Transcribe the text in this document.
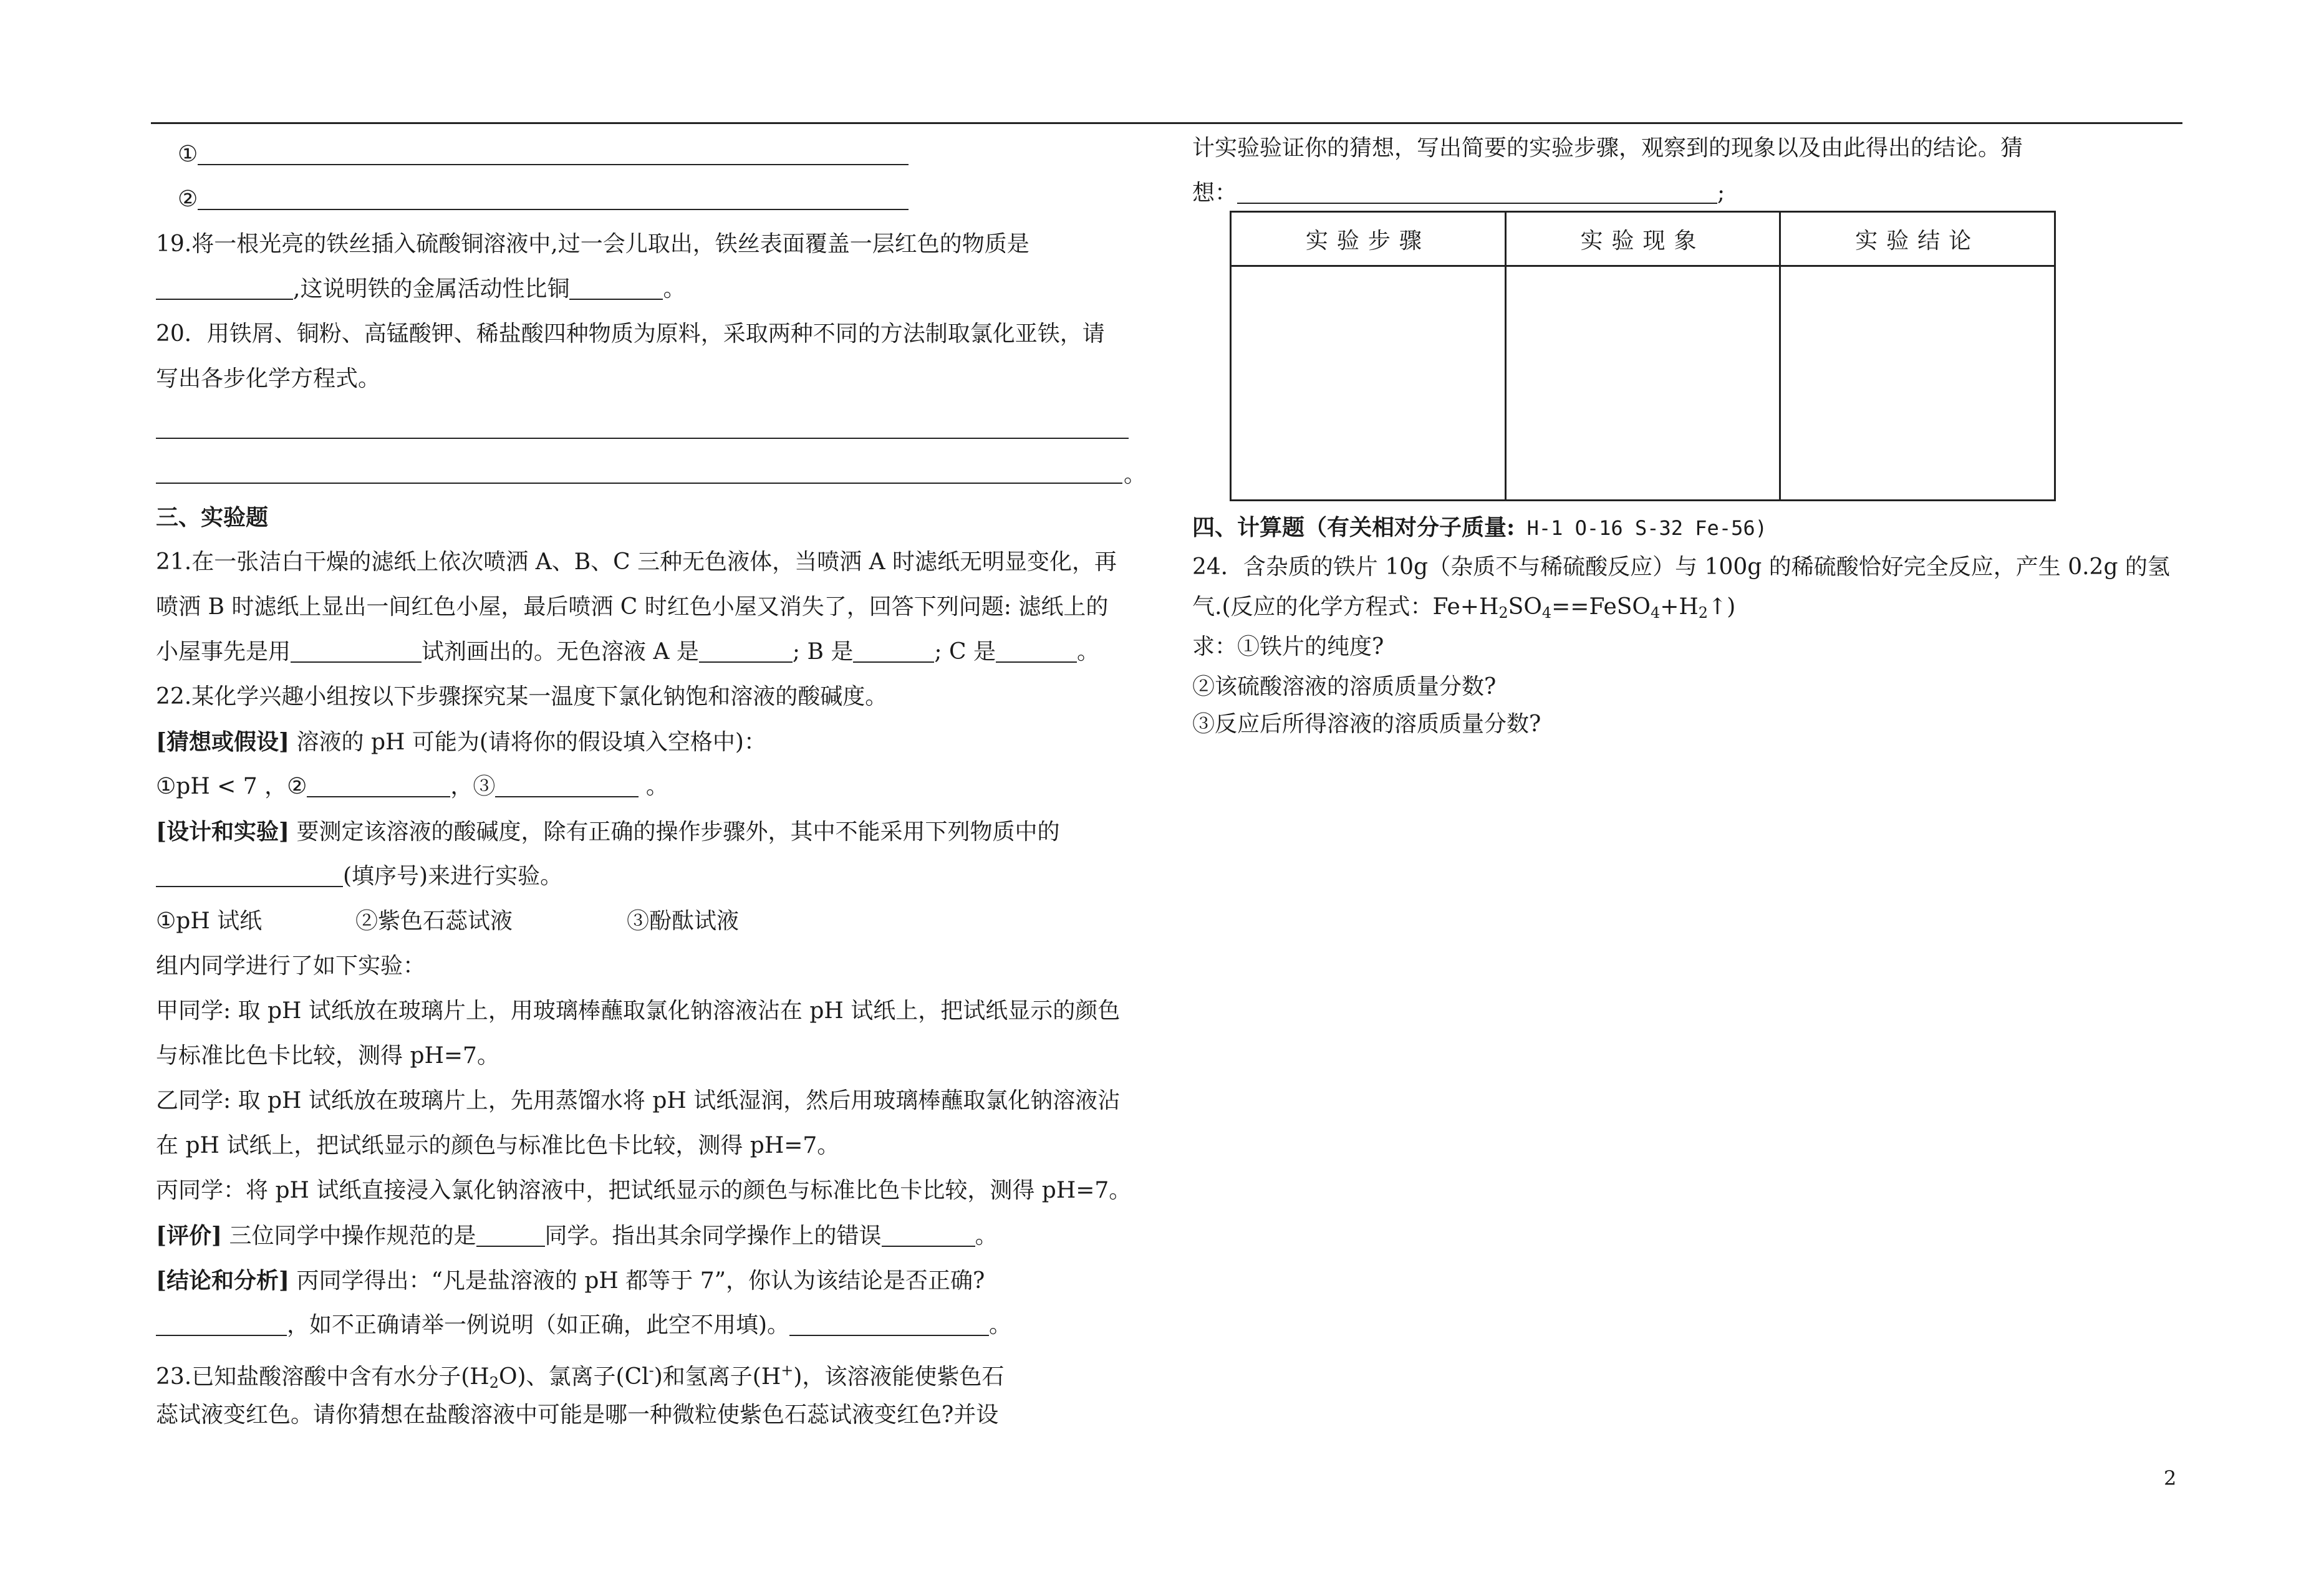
①
②
19.将一根光亮的铁丝插入硫酸铜溶液中,过一会儿取出，铁丝表面覆盖一层红色的物质是
,这说明铁的金属活动性比铜	。
20．用铁屑、铜粉、高锰酸钾、稀盐酸四种物质为原料，采取两种不同的方法制取氯化亚铁，请
写出各步化学方程式。
。
三、实验题
21.在一张洁白干燥的滤纸上依次喷洒 A、B、C 三种无色液体，当喷洒 A 时滤纸无明显变化，再
喷洒 B 时滤纸上显出一间红色小屋，最后喷洒 C 时红色小屋又消失了，回答下列问题: 滤纸上的
小屋事先是用	试剂画出的。无色溶液 A 是	; B 是	; C 是	。
22.某化学兴趣小组按以下步骤探究某一温度下氯化钠饱和溶液的酸碱度。
[猜想或假设] 溶液的 pH 可能为(请将你的假设填入空格中)：
①pH < 7 ，②	，③	。
[设计和实验] 要测定该溶液的酸碱度，除有正确的操作步骤外，其中不能采用下列物质中的
(填序号)来进行实验。
①pH 试纸	②紫色石蕊试液	③酚酞试液
组内同学进行了如下实验：
甲同学: 取 pH 试纸放在玻璃片上，用玻璃棒蘸取氯化钠溶液沾在 pH 试纸上，把试纸显示的颜色
与标准比色卡比较，测得 pH=7。
乙同学: 取 pH 试纸放在玻璃片上，先用蒸馏水将 pH 试纸湿润，然后用玻璃棒蘸取氯化钠溶液沾
在 pH 试纸上，把试纸显示的颜色与标准比色卡比较，测得 pH=7。
丙同学：将 pH 试纸直接浸入氯化钠溶液中，把试纸显示的颜色与标准比色卡比较，测得 pH=7。
[评价] 三位同学中操作规范的是	同学。指出其余同学操作上的错误	。
[结论和分析] 丙同学得出：“凡是盐溶液的 pH 都等于 7”，你认为该结论是否正确?
，如不正确请举一例说明（如正确，此空不用填)。	。
23.已知盐酸溶酸中含有水分子$(H_2O)$、氯离子(Cl-)和氢离子(H+)，该溶液能使紫色石
蕊试液变红色。请你猜想在盐酸溶液中可能是哪一种微粒使紫色石蕊试液变红色?并设
计实验验证你的猜想，写出简要的实验步骤，观察到的现象以及由此得出的结论。猜
想：	;
实验步骤	实验现象	实验结论

四、计算题（有关相对分子质量: H-1 O-16 S-32 Fe-56)
24．含杂质的铁片 10g（杂质不与稀硫酸反应）与 100g 的稀硫酸恰好完全反应，产生 0.2g 的氢
气.(反应的化学方程式：$Fe+H_2SO_4==FeSO_4+H_2↑$)
求：①铁片的纯度?
②该硫酸溶液的溶质质量分数?
③反应后所得溶液的溶质质量分数?
2
